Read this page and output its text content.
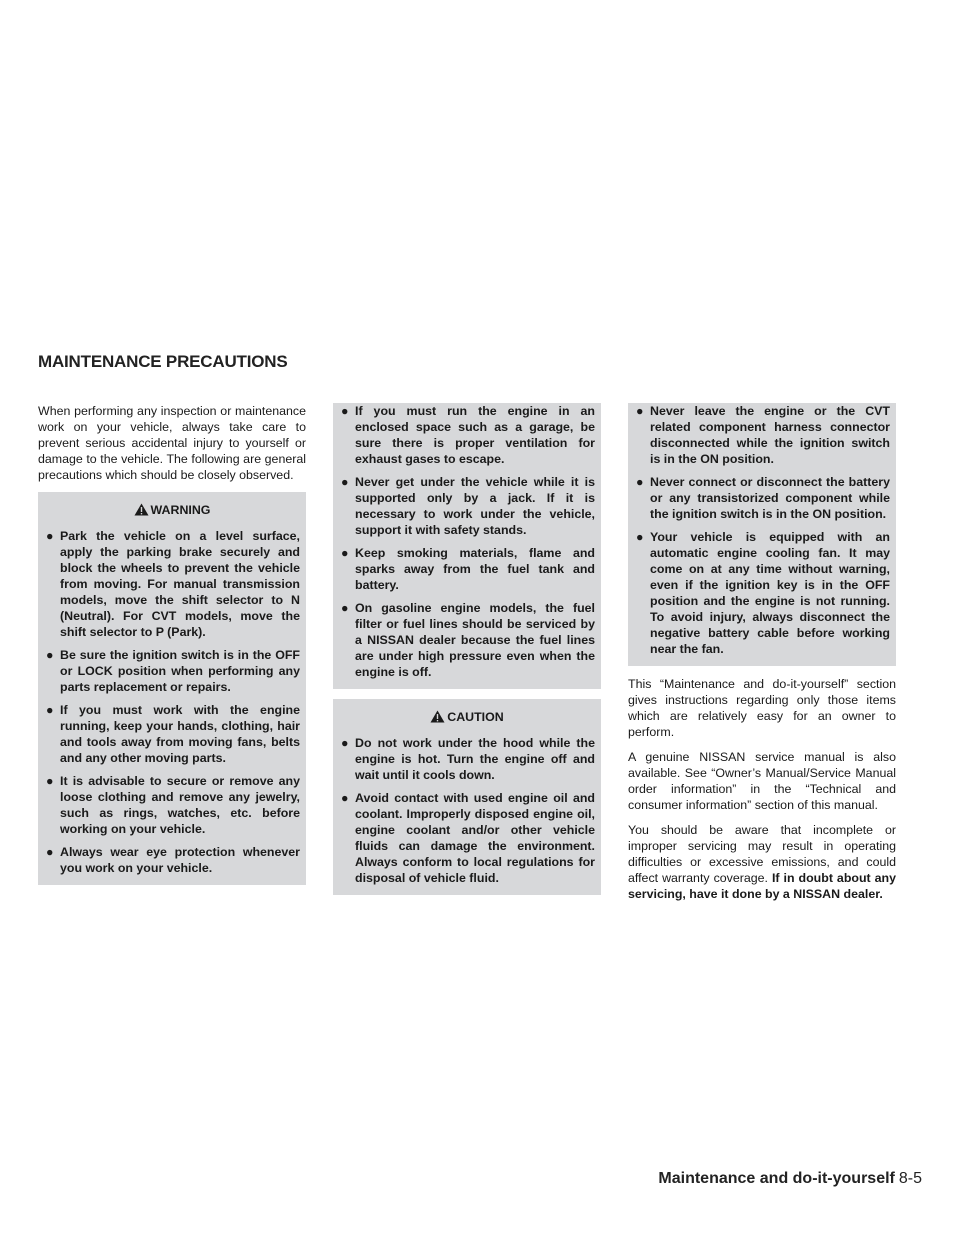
MAINTENANCE PRECAUTIONS

When performing any inspection or maintenance work on your vehicle, always take care to prevent serious accidental injury to yourself or damage to the vehicle. The following are general precautions which should be closely observed.

WARNING
● Park the vehicle on a level surface, apply the parking brake securely and block the wheels to prevent the vehicle from moving. For manual transmission models, move the shift selector to N (Neutral). For CVT models, move the shift selector to P (Park).
● Be sure the ignition switch is in the OFF or LOCK position when performing any parts replacement or repairs.
● If you must work with the engine running, keep your hands, clothing, hair and tools away from moving fans, belts and any other moving parts.
● It is advisable to secure or remove any loose clothing and remove any jewelry, such as rings, watches, etc. before working on your vehicle.
● Always wear eye protection whenever you work on your vehicle.
● If you must run the engine in an enclosed space such as a garage, be sure there is proper ventilation for exhaust gases to escape.
● Never get under the vehicle while it is supported only by a jack. If it is necessary to work under the vehicle, support it with safety stands.
● Keep smoking materials, flame and sparks away from the fuel tank and battery.
● On gasoline engine models, the fuel filter or fuel lines should be serviced by a NISSAN dealer because the fuel lines are under high pressure even when the engine is off.
CAUTION
● Do not work under the hood while the engine is hot. Turn the engine off and wait until it cools down.
● Avoid contact with used engine oil and coolant. Improperly disposed engine oil, engine coolant and/or other vehicle fluids can damage the environment. Always conform to local regulations for disposal of vehicle fluid.
● Never leave the engine or the CVT related component harness connector disconnected while the ignition switch is in the ON position.
● Never connect or disconnect the battery or any transistorized component while the ignition switch is in the ON position.
● Your vehicle is equipped with an automatic engine cooling fan. It may come on at any time without warning, even if the ignition key is in the OFF position and the engine is not running. To avoid injury, always disconnect the negative battery cable before working near the fan.

This “Maintenance and do-it-yourself” section gives instructions regarding only those items which are relatively easy for an owner to perform.

A genuine NISSAN service manual is also available. See “Owner’s Manual/Service Manual order information” in the “Technical and consumer information” section of this manual.

You should be aware that incomplete or improper servicing may result in operating difficulties or excessive emissions, and could affect warranty coverage. If in doubt about any servicing, have it done by a NISSAN dealer.

Maintenance and do-it-yourself 8-5
